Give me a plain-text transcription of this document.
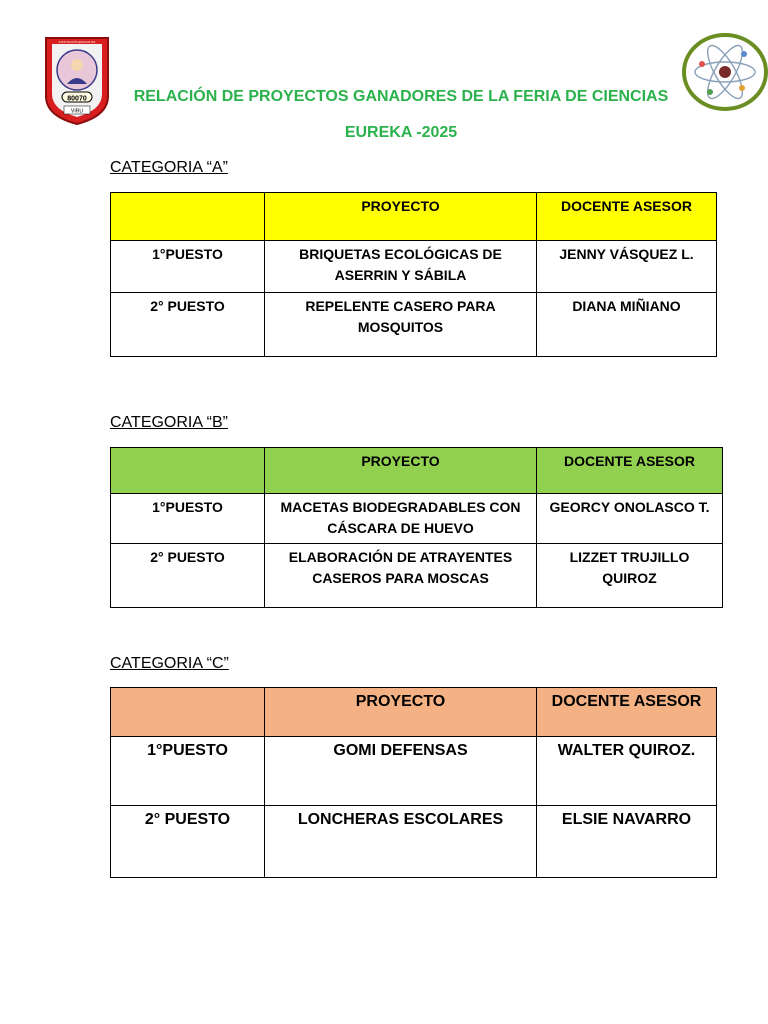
80070
VIRU
INSTITUCIÓN EDUCATIVA
RELACIÓN DE PROYECTOS GANADORES DE LA FERIA DE CIENCIAS
EUREKA -2025
CATEGORIA “A”
	PROYECTO	DOCENTE ASESOR
1°PUESTO	BRIQUETAS ECOLÓGICAS DE ASERRIN Y SÁBILA	JENNY VÁSQUEZ L.
2° PUESTO	REPELENTE CASERO PARA MOSQUITOS	DIANA MIÑIANO
CATEGORIA “B”
	PROYECTO	DOCENTE ASESOR
1°PUESTO	MACETAS BIODEGRADABLES CON CÁSCARA DE HUEVO	GEORCY ONOLASCO T.
2° PUESTO	ELABORACIÓN DE ATRAYENTES CASEROS PARA MOSCAS	LIZZET TRUJILLO QUIROZ
CATEGORIA “C”
	PROYECTO	DOCENTE ASESOR
1°PUESTO	GOMI DEFENSAS	WALTER QUIROZ.
2° PUESTO	LONCHERAS ESCOLARES	ELSIE NAVARRO
